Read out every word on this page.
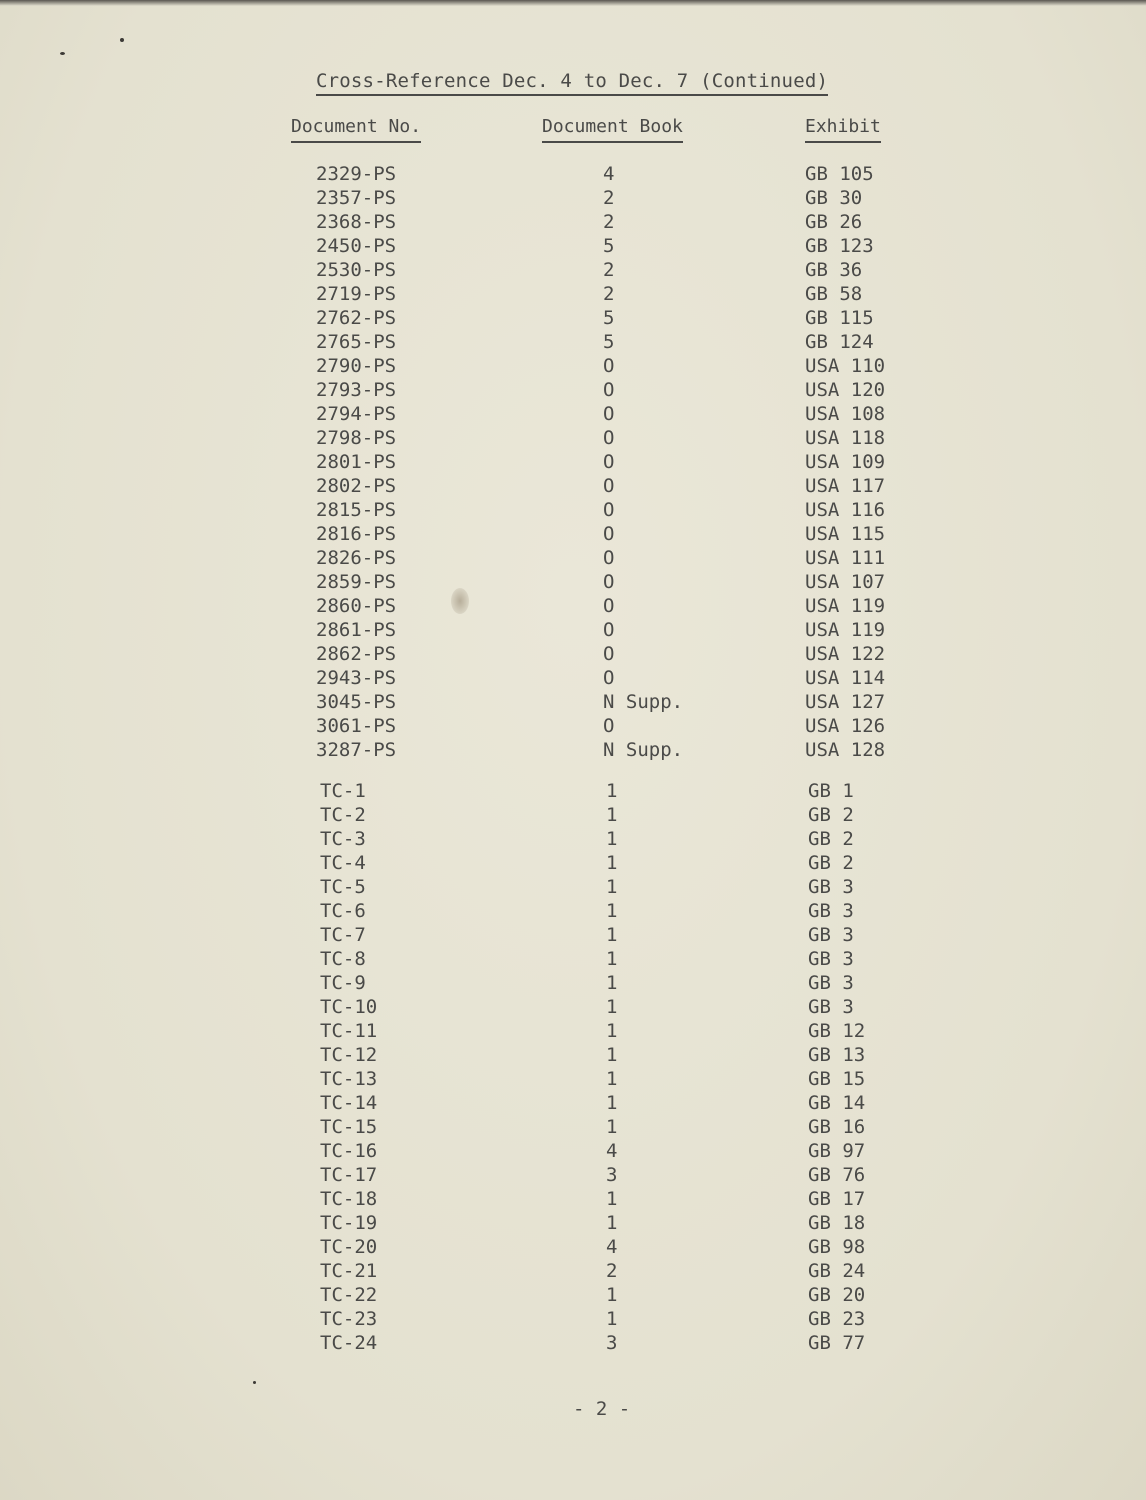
Cross-Reference Dec. 4 to Dec. 7 (Continued)
Document No.	Document Book	Exhibit
2329-PS	4	GB 105
2357-PS	2	GB 30
2368-PS	2	GB 26
2450-PS	5	GB 123
2530-PS	2	GB 36
2719-PS	2	GB 58
2762-PS	5	GB 115
2765-PS	5	GB 124
2790-PS	O	USA 110
2793-PS	O	USA 120
2794-PS	O	USA 108
2798-PS	O	USA 118
2801-PS	O	USA 109
2802-PS	O	USA 117
2815-PS	O	USA 116
2816-PS	O	USA 115
2826-PS	O	USA 111
2859-PS	O	USA 107
2860-PS	O	USA 119
2861-PS	O	USA 119
2862-PS	O	USA 122
2943-PS	O	USA 114
3045-PS	N Supp.	USA 127
3061-PS	O	USA 126
3287-PS	N Supp.	USA 128
TC-1	1	GB 1
TC-2	1	GB 2
TC-3	1	GB 2
TC-4	1	GB 2
TC-5	1	GB 3
TC-6	1	GB 3
TC-7	1	GB 3
TC-8	1	GB 3
TC-9	1	GB 3
TC-10	1	GB 3
TC-11	1	GB 12
TC-12	1	GB 13
TC-13	1	GB 15
TC-14	1	GB 14
TC-15	1	GB 16
TC-16	4	GB 97
TC-17	3	GB 76
TC-18	1	GB 17
TC-19	1	GB 18
TC-20	4	GB 98
TC-21	2	GB 24
TC-22	1	GB 20
TC-23	1	GB 23
TC-24	3	GB 77
- 2 -
